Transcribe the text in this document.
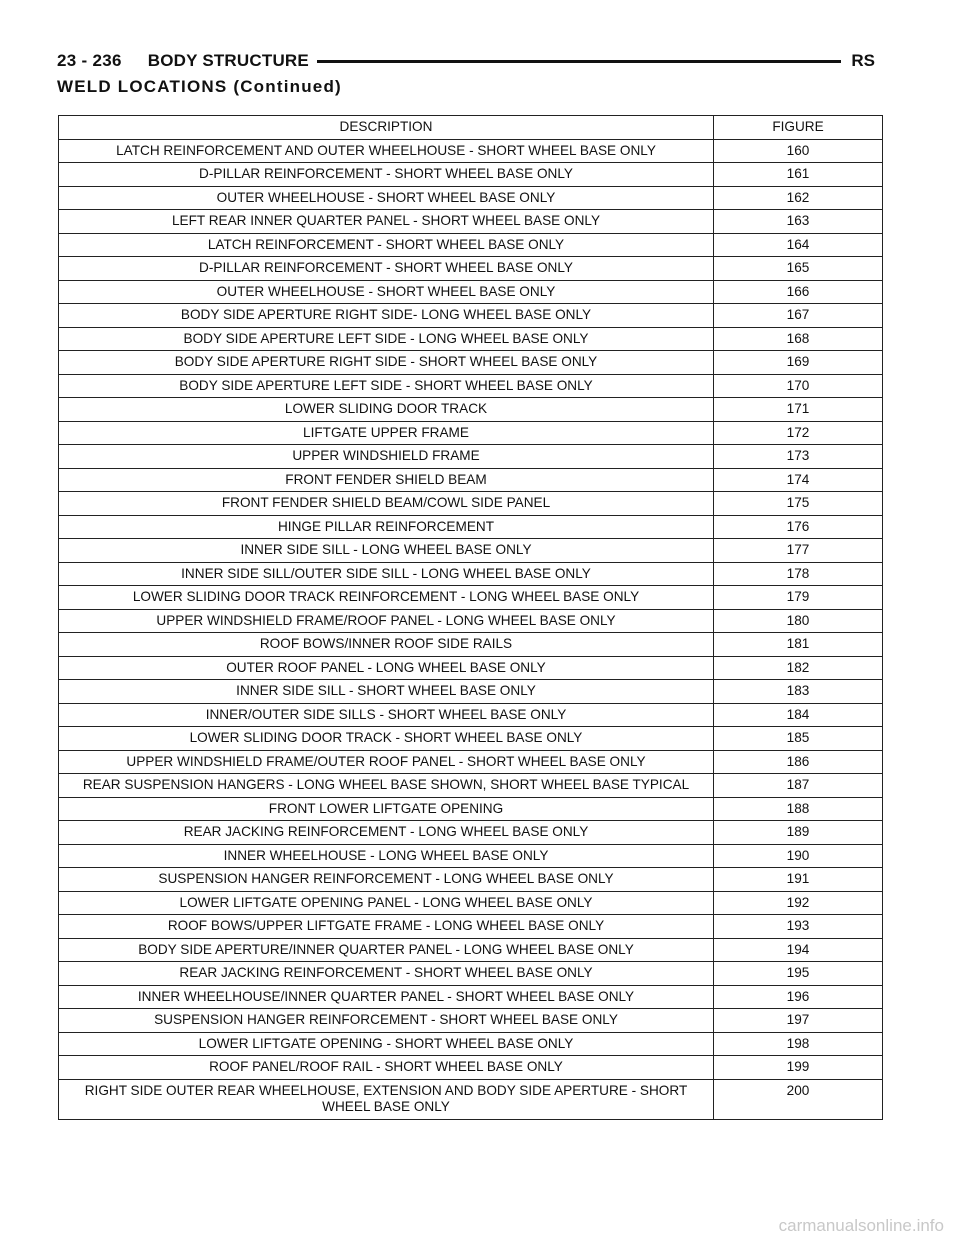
23 - 236 BODY STRUCTURE	RS
WELD LOCATIONS (Continued)
DESCRIPTION	FIGURE
LATCH REINFORCEMENT AND OUTER WHEELHOUSE - SHORT WHEEL BASE ONLY	160
D-PILLAR REINFORCEMENT - SHORT WHEEL BASE ONLY	161
OUTER WHEELHOUSE - SHORT WHEEL BASE ONLY	162
LEFT REAR INNER QUARTER PANEL - SHORT WHEEL BASE ONLY	163
LATCH REINFORCEMENT - SHORT WHEEL BASE ONLY	164
D-PILLAR REINFORCEMENT - SHORT WHEEL BASE ONLY	165
OUTER WHEELHOUSE - SHORT WHEEL BASE ONLY	166
BODY SIDE APERTURE RIGHT SIDE- LONG WHEEL BASE ONLY	167
BODY SIDE APERTURE LEFT SIDE - LONG WHEEL BASE ONLY	168
BODY SIDE APERTURE RIGHT SIDE - SHORT WHEEL BASE ONLY	169
BODY SIDE APERTURE LEFT SIDE - SHORT WHEEL BASE ONLY	170
LOWER SLIDING DOOR TRACK	171
LIFTGATE UPPER FRAME	172
UPPER WINDSHIELD FRAME	173
FRONT FENDER SHIELD BEAM	174
FRONT FENDER SHIELD BEAM/COWL SIDE PANEL	175
HINGE PILLAR REINFORCEMENT	176
INNER SIDE SILL - LONG WHEEL BASE ONLY	177
INNER SIDE SILL/OUTER SIDE SILL - LONG WHEEL BASE ONLY	178
LOWER SLIDING DOOR TRACK REINFORCEMENT - LONG WHEEL BASE ONLY	179
UPPER WINDSHIELD FRAME/ROOF PANEL - LONG WHEEL BASE ONLY	180
ROOF BOWS/INNER ROOF SIDE RAILS	181
OUTER ROOF PANEL - LONG WHEEL BASE ONLY	182
INNER SIDE SILL - SHORT WHEEL BASE ONLY	183
INNER/OUTER SIDE SILLS - SHORT WHEEL BASE ONLY	184
LOWER SLIDING DOOR TRACK - SHORT WHEEL BASE ONLY	185
UPPER WINDSHIELD FRAME/OUTER ROOF PANEL - SHORT WHEEL BASE ONLY	186
REAR SUSPENSION HANGERS - LONG WHEEL BASE SHOWN, SHORT WHEEL BASE TYPICAL	187
FRONT LOWER LIFTGATE OPENING	188
REAR JACKING REINFORCEMENT - LONG WHEEL BASE ONLY	189
INNER WHEELHOUSE - LONG WHEEL BASE ONLY	190
SUSPENSION HANGER REINFORCEMENT - LONG WHEEL BASE ONLY	191
LOWER LIFTGATE OPENING PANEL - LONG WHEEL BASE ONLY	192
ROOF BOWS/UPPER LIFTGATE FRAME - LONG WHEEL BASE ONLY	193
BODY SIDE APERTURE/INNER QUARTER PANEL - LONG WHEEL BASE ONLY	194
REAR JACKING REINFORCEMENT - SHORT WHEEL BASE ONLY	195
INNER WHEELHOUSE/INNER QUARTER PANEL - SHORT WHEEL BASE ONLY	196
SUSPENSION HANGER REINFORCEMENT - SHORT WHEEL BASE ONLY	197
LOWER LIFTGATE OPENING - SHORT WHEEL BASE ONLY	198
ROOF PANEL/ROOF RAIL - SHORT WHEEL BASE ONLY	199
RIGHT SIDE OUTER REAR WHEELHOUSE, EXTENSION AND BODY SIDE APERTURE - SHORT WHEEL BASE ONLY	200
carmanualsonline.info
